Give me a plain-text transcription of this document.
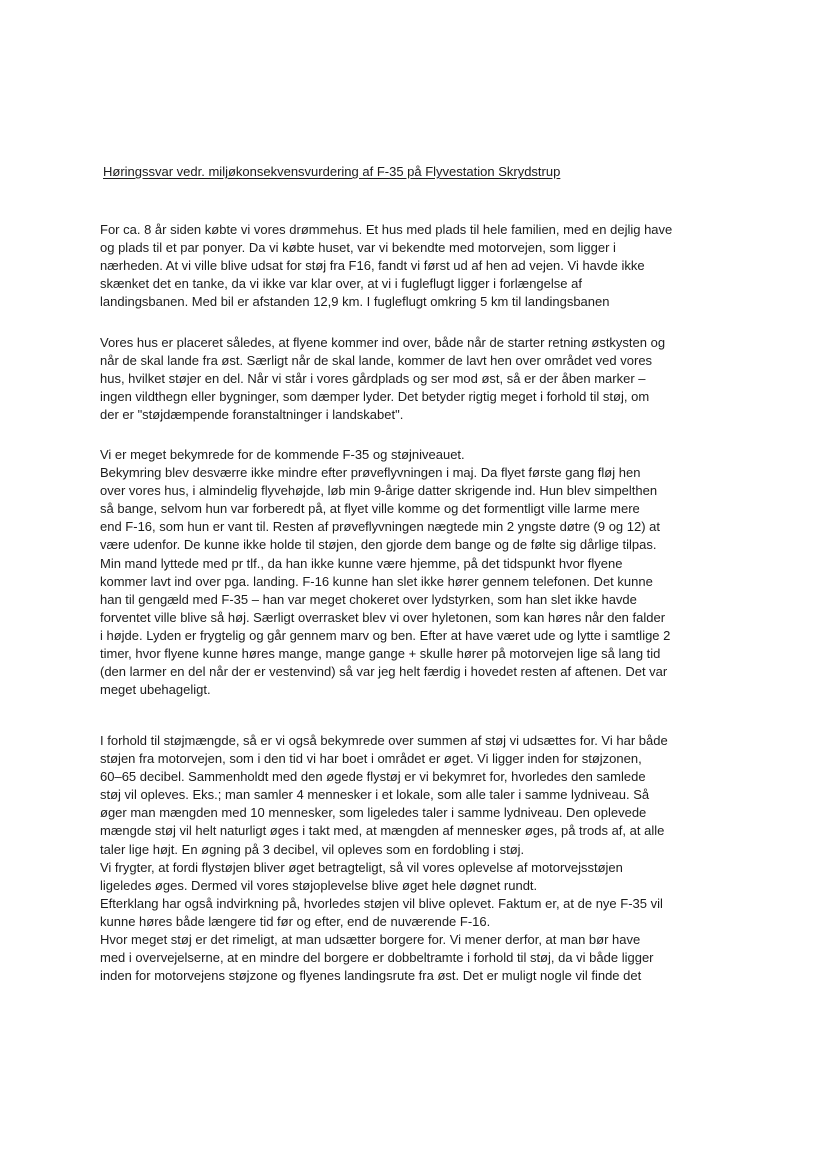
Høringssvar vedr. miljøkonsekvensvurdering af F-35 på Flyvestation Skrydstrup
For ca. 8 år siden købte vi vores drømmehus. Et hus med plads til hele familien, med en dejlig have
og plads til et par ponyer. Da vi købte huset, var vi bekendte med motorvejen, som ligger i
nærheden. At vi ville blive udsat for støj fra F16, fandt vi først ud af hen ad vejen. Vi havde ikke
skænket det en tanke, da vi ikke var klar over, at vi i fugleflugt ligger i forlængelse af
landingsbanen. Med bil er afstanden 12,9 km. I fugleflugt omkring 5 km til landingsbanen
Vores hus er placeret således, at flyene kommer ind over, både når de starter retning østkysten og
når de skal lande fra øst. Særligt når de skal lande, kommer de lavt hen over området ved vores
hus, hvilket støjer en del. Når vi står i vores gårdplads og ser mod øst, så er der åben marker –
ingen vildthegn eller bygninger, som dæmper lyder. Det betyder rigtig meget i forhold til støj, om
der er "støjdæmpende foranstaltninger i landskabet".
Vi er meget bekymrede for de kommende F-35 og støjniveauet.
Bekymring blev desværre ikke mindre efter prøveflyvningen i maj. Da flyet første gang fløj hen
over vores hus, i almindelig flyvehøjde, løb min 9-årige datter skrigende ind. Hun blev simpelthen
så bange, selvom hun var forberedt på, at flyet ville komme og det formentligt ville larme mere
end F-16, som hun er vant til. Resten af prøveflyvningen nægtede min 2 yngste døtre (9 og 12) at
være udenfor. De kunne ikke holde til støjen, den gjorde dem bange og de følte sig dårlige tilpas.
Min mand lyttede med pr tlf., da han ikke kunne være hjemme, på det tidspunkt hvor flyene
kommer lavt ind over pga. landing. F-16 kunne han slet ikke hører gennem telefonen. Det kunne
han til gengæld med F-35 – han var meget chokeret over lydstyrken, som han slet ikke havde
forventet ville blive så høj. Særligt overrasket blev vi over hyletonen, som kan høres når den falder
i højde. Lyden er frygtelig og går gennem marv og ben. Efter at have været ude og lytte i samtlige 2
timer, hvor flyene kunne høres mange, mange gange + skulle hører på motorvejen lige så lang tid
(den larmer en del når der er vestenvind) så var jeg helt færdig i hovedet resten af aftenen. Det var
meget ubehageligt.
I forhold til støjmængde, så er vi også bekymrede over summen af støj vi udsættes for. Vi har både
støjen fra motorvejen, som i den tid vi har boet i området er øget. Vi ligger inden for støjzonen,
60–65 decibel. Sammenholdt med den øgede flystøj er vi bekymret for, hvorledes den samlede
støj vil opleves. Eks.; man samler 4 mennesker i et lokale, som alle taler i samme lydniveau. Så
øger man mængden med 10 mennesker, som ligeledes taler i samme lydniveau. Den oplevede
mængde støj vil helt naturligt øges i takt med, at mængden af mennesker øges, på trods af, at alle
taler lige højt. En øgning på 3 decibel, vil opleves som en fordobling i støj.
Vi frygter, at fordi flystøjen bliver øget betragteligt, så vil vores oplevelse af motorvejsstøjen
ligeledes øges. Dermed vil vores støjoplevelse blive øget hele døgnet rundt.
Efterklang har også indvirkning på, hvorledes støjen vil blive oplevet. Faktum er, at de nye F-35 vil
kunne høres både længere tid før og efter, end de nuværende F-16.
Hvor meget støj er det rimeligt, at man udsætter borgere for. Vi mener derfor, at man bør have
med i overvejelserne, at en mindre del borgere er dobbeltramte i forhold til støj, da vi både ligger
inden for motorvejens støjzone og flyenes landingsrute fra øst. Det er muligt nogle vil finde det
